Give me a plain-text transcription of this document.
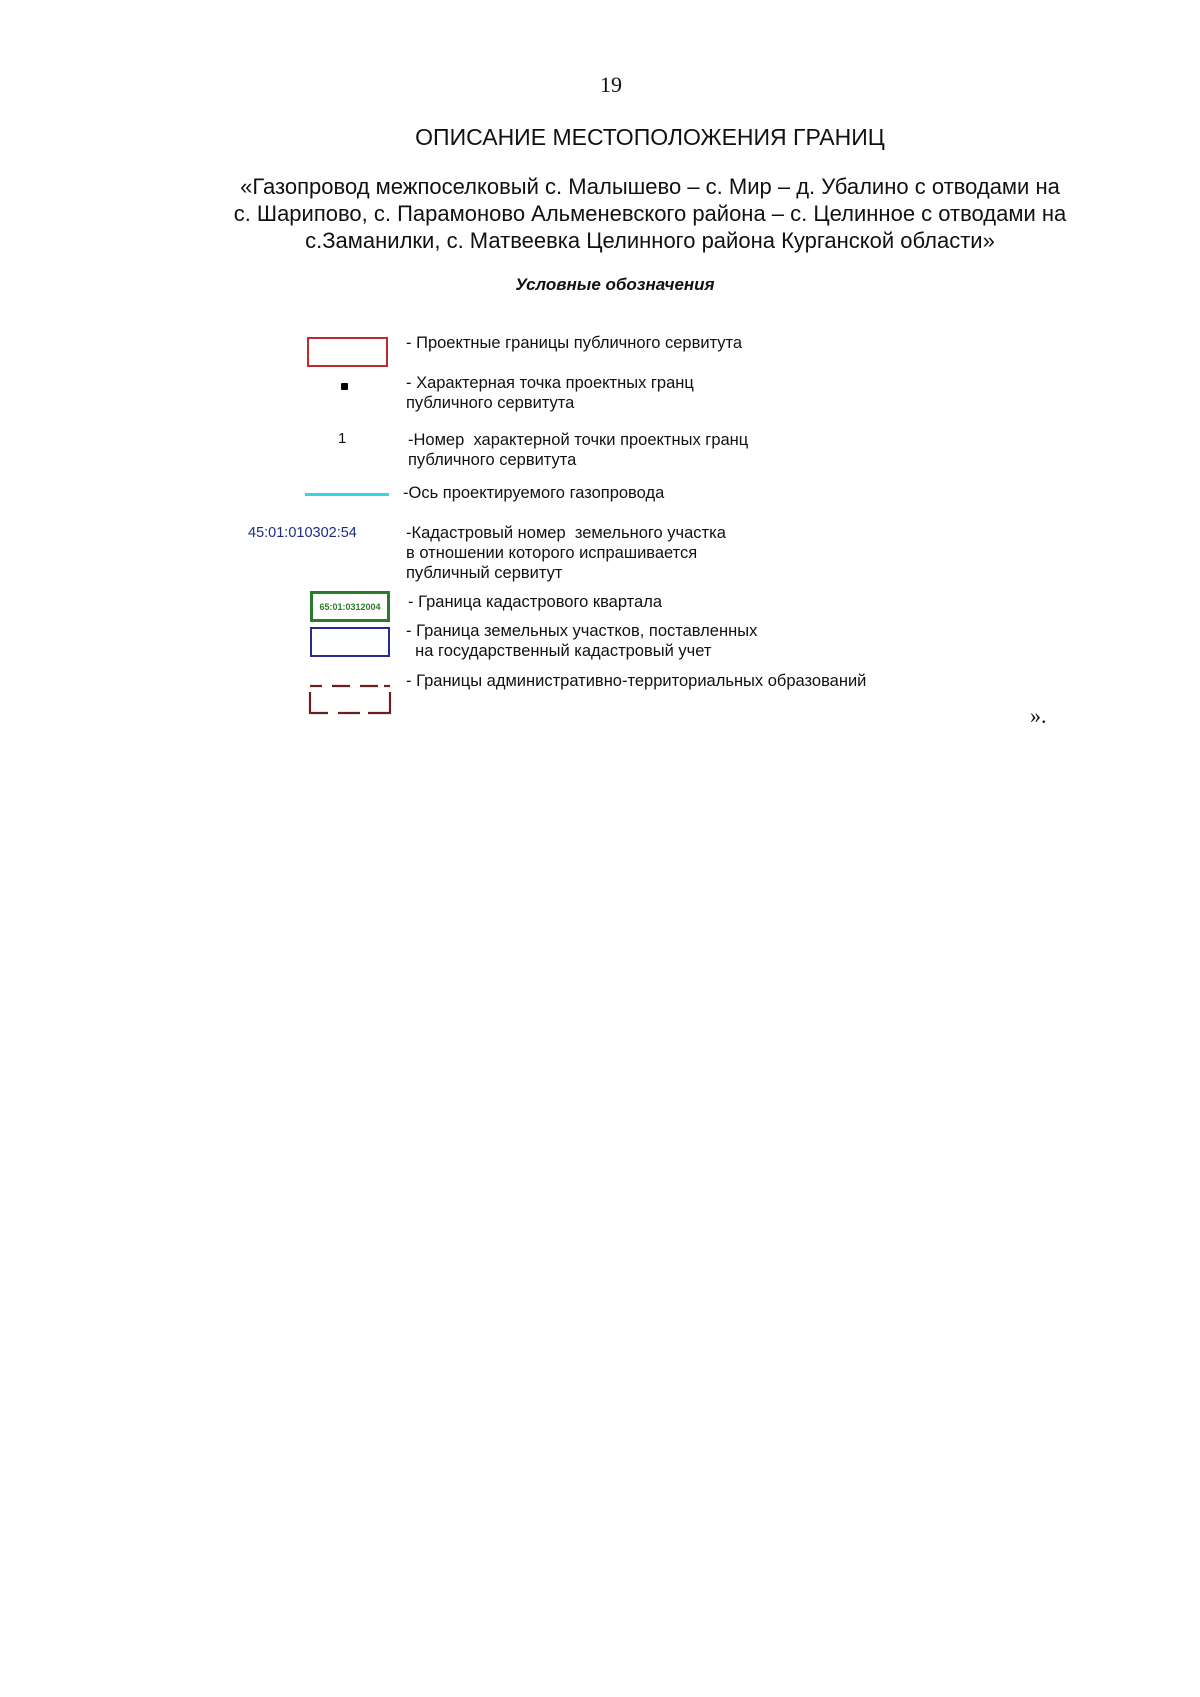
19
ОПИСАНИЕ МЕСТОПОЛОЖЕНИЯ ГРАНИЦ
«Газопровод межпоселковый с. Малышево – с. Мир – д. Убалино с отводами на
с. Шарипово, с. Парамоново Альменевского района – с. Целинное с отводами на
с.Заманилки, с. Матвеевка Целинного района Курганской области»
Условные обозначения
- Проектные границы публичного сервитута
- Характерная точка проектных гранц
публичного сервитута
1	-Номер  характерной точки проектных гранц
публичного сервитута
-Ось проектируемого газопровода
45:01:010302:54	-Кадастровый номер  земельного участка
в отношении которого испрашивается
публичный сервитут
65:01:0312004 - Граница кадастрового квартала
- Граница земельных участков, поставленных
на государственный кадастровый учет
- Границы административно-территориальных образований
».
